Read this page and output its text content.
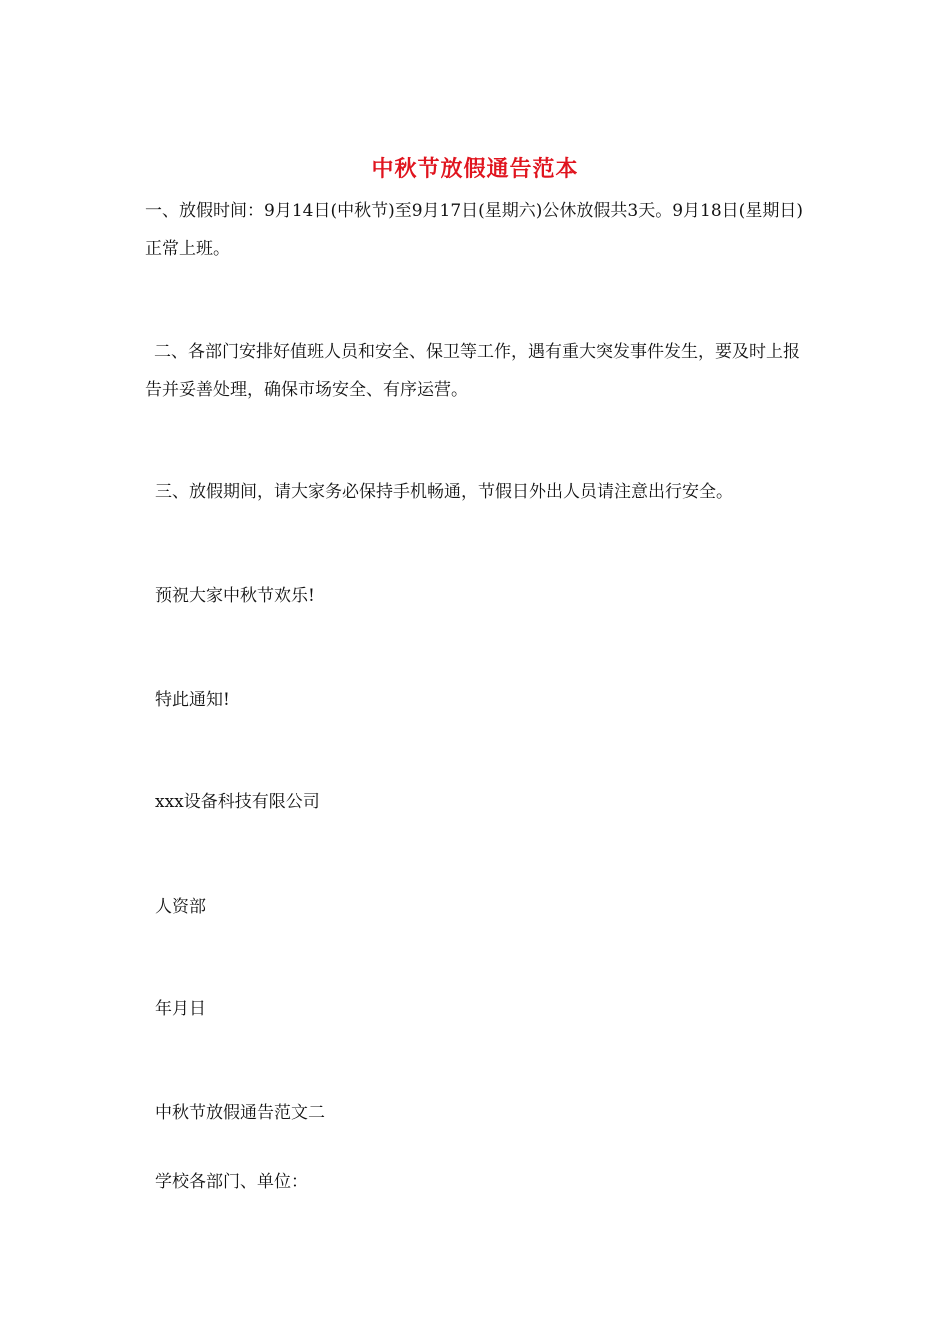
中秋节放假通告范本

一、放假时间：9月14日(中秋节)至9月17日(星期六)公休放假共3天。9月18日(星期日)正常上班。

二、各部门安排好值班人员和安全、保卫等工作，遇有重大突发事件发生，要及时上报告并妥善处理，确保市场安全、有序运营。

三、放假期间，请大家务必保持手机畅通，节假日外出人员请注意出行安全。
预祝大家中秋节欢乐!
特此通知!
xxx设备科技有限公司
人资部
年月日
中秋节放假通告范文二
学校各部门、单位：
